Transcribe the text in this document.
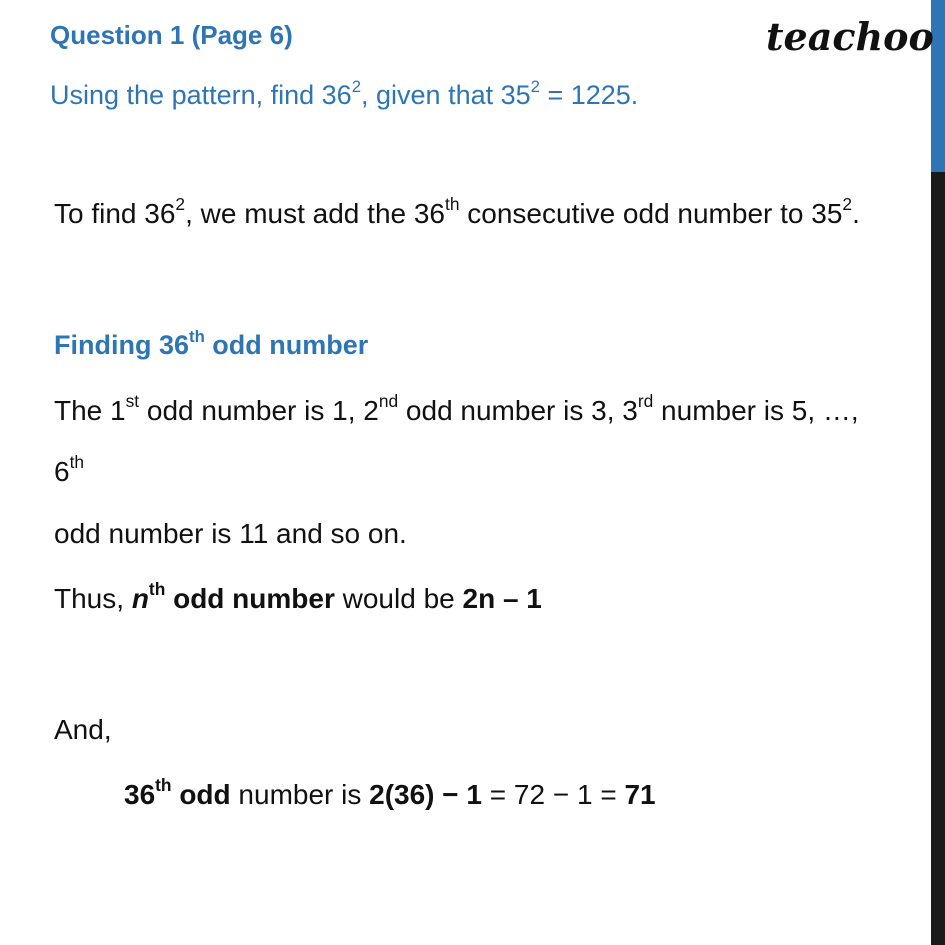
Question 1 (Page 6)	teachoo
Using the pattern, find $36^2$, given that $35^2 = 1225$.
To find $36^2$, we must add the 36th consecutive odd number to $35^2$.
Finding 36th odd number
The 1st odd number is 1, 2nd odd number is 3, 3rd number is 5, …,
6th
odd number is 11 and so on.
Thus, $n^{th}$ odd number would be 2n – 1
And,
36th odd number is 2(36) − 1 = 72 − 1 = 71
